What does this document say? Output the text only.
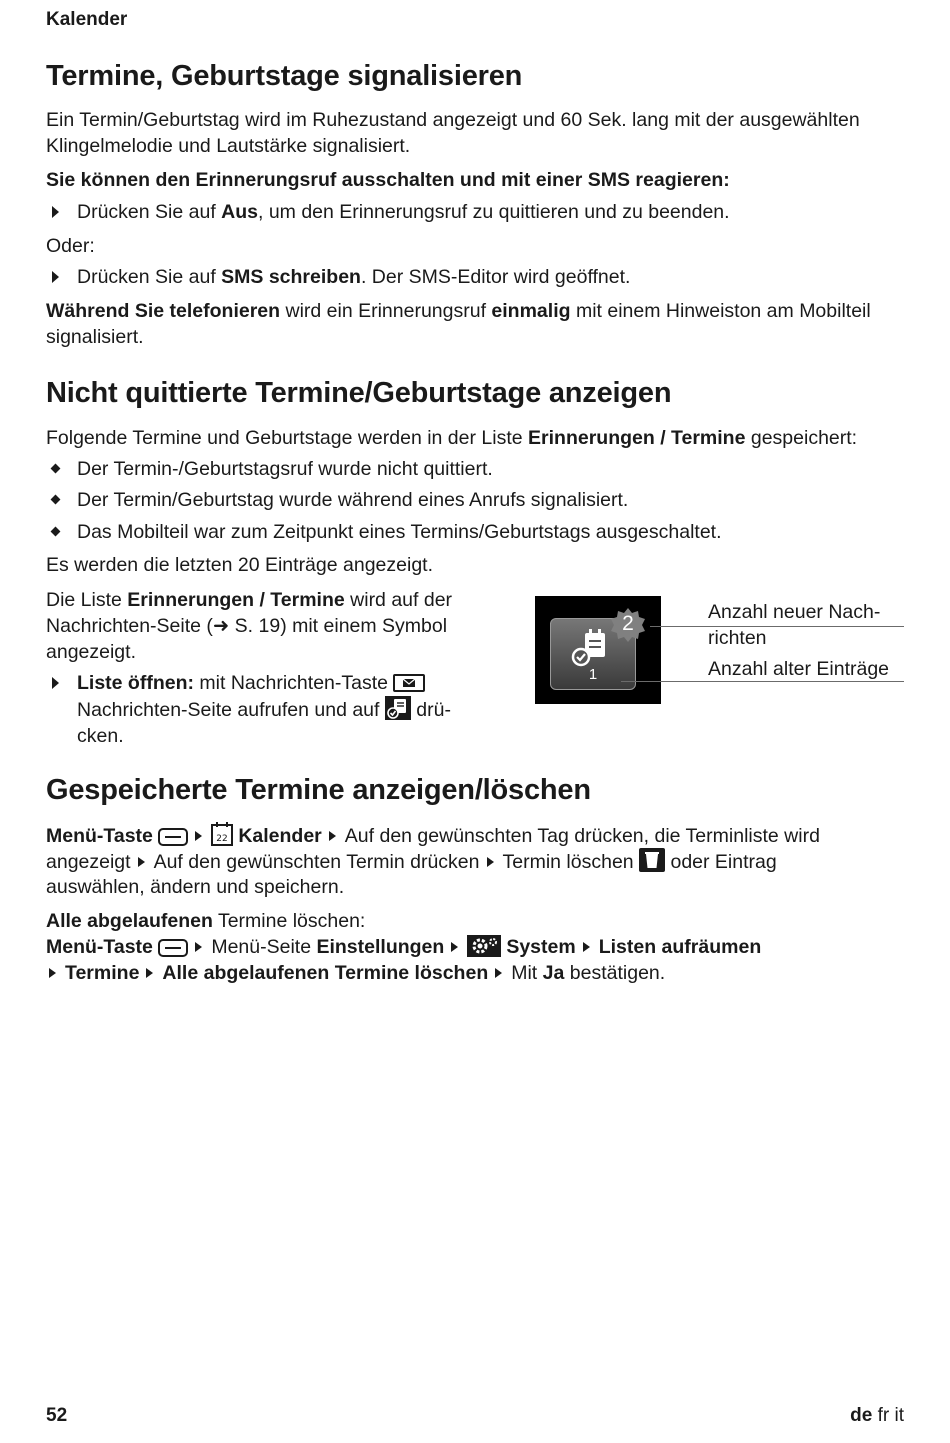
Kalender
Termine, Geburtstage signalisieren

Ein Termin/Geburtstag wird im Ruhezustand angezeigt und 60 Sek. lang mit der ausgewählten Klingelmelodie und Lautstärke signalisiert.

Sie können den Erinnerungsruf ausschalten und mit einer SMS reagieren:

Drücken Sie auf Aus, um den Erinnerungsruf zu quittieren und zu beenden.

Oder:

Drücken Sie auf SMS schreiben. Der SMS-Editor wird geöffnet.

Während Sie telefonieren wird ein Erinnerungsruf einmalig mit einem Hinweiston am Mobilteil signalisiert.

Nicht quittierte Termine/Geburtstage anzeigen

Folgende Termine und Geburtstage werden in der Liste Erinnerungen / Termine gespeichert:

Der Termin-/Geburtstagsruf wurde nicht quittiert.
Der Termin/Geburtstag wurde während eines Anrufs signalisiert.
Das Mobilteil war zum Zeitpunkt eines Termins/Geburtstags ausgeschaltet.

Es werden die letzten 20 Einträge angezeigt.

Die Liste Erinnerungen / Termine wird auf der Nachrichten-Seite (➜ S. 19) mit einem Symbol angezeigt.

Liste öffnen: mit Nachrichten-Taste
Nachrichten-Seite aufrufen und auf  drü-cken.
1
2	Anzahl neuer Nach-
richten
Anzahl alter Einträge
Gespeicherte Termine anzeigen/löschen
Menü-Taste	22 Kalender Auf den gewünschten Tag drücken, die Terminliste wird
angezeigt Auf den gewünschten Termin drücken Termin löschen oder Eintrag

auswählen, ändern und speichern.

Alle abgelaufenen Termine löschen:

Menü-Taste	Menü-Seite Einstellungen	System Listen aufräumen
Termine Alle abgelaufenen Termine löschen Mit Ja bestätigen.
52	de fr it
